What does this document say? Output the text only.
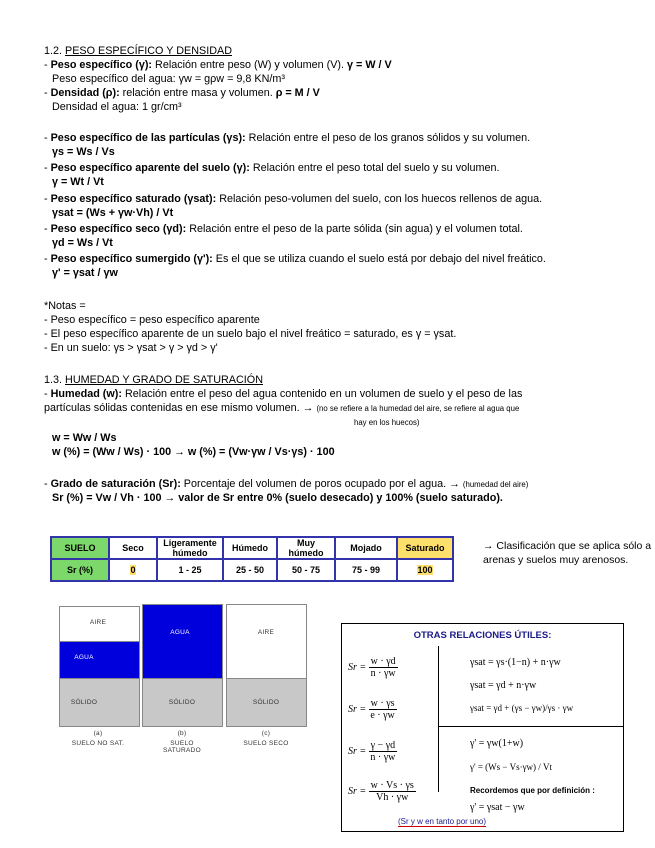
1.2. PESO ESPECÍFICO Y DENSIDAD
- Peso específico (γ): Relación entre peso (W) y volumen (V). γ = W / V
Peso específico del agua: γw = gρw = 9,8 KN/m³
- Densidad (ρ): relación entre masa y volumen. ρ = M / V
Densidad el agua: 1 gr/cm³
- Peso específico de las partículas (γs): Relación entre el peso de los granos sólidos y su volumen.
γs = Ws / Vs
- Peso específico aparente del suelo (γ): Relación entre el peso total del suelo y su volumen.
γ = Wt / Vt
- Peso específico saturado (γsat): Relación peso-volumen del suelo, con los huecos rellenos de agua.
γsat = (Ws + γw·Vh) / Vt
- Peso específico seco (γd): Relación entre el peso de la parte sólida (sin agua) y el volumen total.
γd = Ws / Vt
- Peso específico sumergido (γ'): Es el que se utiliza cuando el suelo está por debajo del nivel freático.
γ' = γsat / γw
*Notas =
- Peso específico = peso específico aparente
- El peso específico aparente de un suelo bajo el nivel freático = saturado, es γ = γsat.
- En un suelo: γs > γsat > γ > γd > γ'
1.3. HUMEDAD Y GRADO DE SATURACIÓN
- Humedad (w): Relación entre el peso del agua contenido en un volumen de suelo y el peso de las
partículas sólidas contenidas en ese mismo volumen. → (no se refiere a la humedad del aire, se refiere al agua que
hay en los huecos)
w = Ww / Ws
w (%) = (Ww / Ws) · 100 → w (%) = (Vw·γw / Vs·γs) · 100
- Grado de saturación (Sr): Porcentaje del volumen de poros ocupado por el agua. → (humedad del aire)
Sr (%) = Vw / Vh · 100 → valor de Sr entre 0% (suelo desecado) y 100% (suelo saturado).
SUELO	Seco	Ligeramente húmedo	Húmedo	Muy húmedo	Mojado	Saturado
Sr (%)	0	1 - 25	25 - 50	50 - 75	75 - 99	100
→ Clasificación que se aplica sólo a arenas y suelos muy arenosos.
AIRE
AGUA
SÓLIDO
AGUA
SÓLIDO
AIRE
SÓLIDO
(a)	(b)	(c)
SUELO NO SAT.	SUELO SATURADO
SUELO SECO
OTRAS RELACIONES ÚTILES:
$Sr = \frac{w \cdot \gamma d}{n \cdot \gamma w}$
$Sr = \frac{w \cdot \gamma s}{e \cdot \gamma w}$
$Sr = \frac{\gamma - \gamma d}{n \cdot \gamma w}$
$Sr = \frac{w \cdot Vs \cdot \gamma s}{Vh \cdot \gamma w}$
γsat = γs·(1−n) + n·γw
γsat = γd + n·γw
γsat = γd + (γs − γw)/γs · γw
γ' = γw(1+w)
γ' = (Ws − Vs·γw) / Vt
Recordemos que por definición :
γ' = γsat − γw
(Sr y w en tanto por uno)
